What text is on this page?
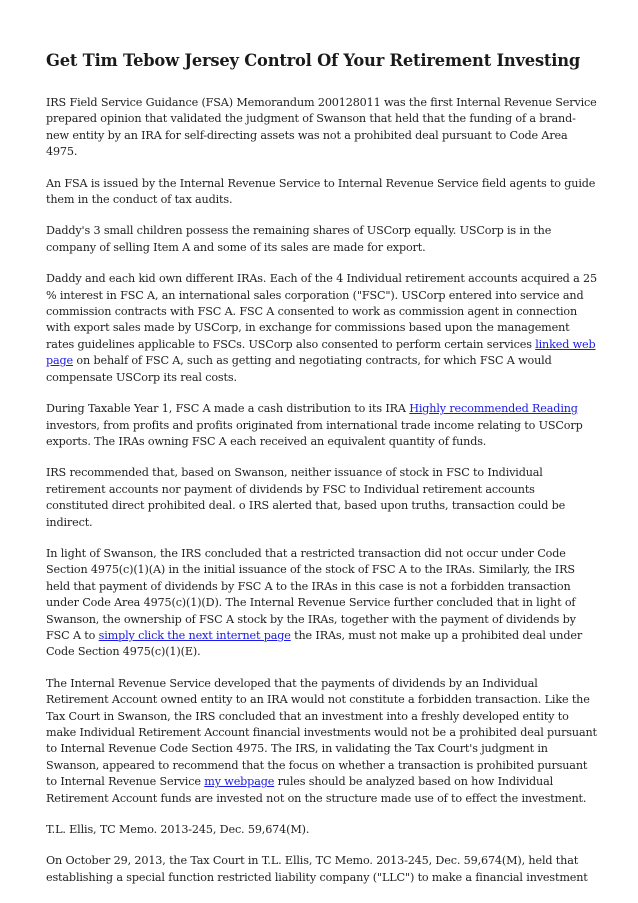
Get Tim Tebow Jersey Control Of Your Retirement Investing

IRS Field Service Guidance (FSA) Memorandum 200128011 was the first Internal Revenue Service prepared opinion that validated the judgment of Swanson that held that the funding of a brand-new entity by an IRA for self-directing assets was not a prohibited deal pursuant to Code Area 4975.

An FSA is issued by the Internal Revenue Service to Internal Revenue Service field agents to guide them in the conduct of tax audits.

Daddy's 3 small children possess the remaining shares of USCorp equally. USCorp is in the company of selling Item A and some of its sales are made for export.

Daddy and each kid own different IRAs. Each of the 4 Individual retirement accounts acquired a 25 % interest in FSC A, an international sales corporation ("FSC"). USCorp entered into service and commission contracts with FSC A. FSC A consented to work as commission agent in connection with export sales made by USCorp, in exchange for commissions based upon the management rates guidelines applicable to FSCs. USCorp also consented to perform certain services linked web page on behalf of FSC A, such as getting and negotiating contracts, for which FSC A would compensate USCorp its real costs.

During Taxable Year 1, FSC A made a cash distribution to its IRA Highly recommended Reading investors, from profits and profits originated from international trade income relating to USCorp exports. The IRAs owning FSC A each received an equivalent quantity of funds.

IRS recommended that, based on Swanson, neither issuance of stock in FSC to Individual retirement accounts nor payment of dividends by FSC to Individual retirement accounts constituted direct prohibited deal. o IRS alerted that, based upon truths, transaction could be indirect.

In light of Swanson, the IRS concluded that a restricted transaction did not occur under Code Section 4975(c)(1)(A) in the initial issuance of the stock of FSC A to the IRAs. Similarly, the IRS held that payment of dividends by FSC A to the IRAs in this case is not a forbidden transaction under Code Area 4975(c)(1)(D). The Internal Revenue Service further concluded that in light of Swanson, the ownership of FSC A stock by the IRAs, together with the payment of dividends by FSC A to simply click the next internet page the IRAs, must not make up a prohibited deal under Code Section 4975(c)(1)(E).

The Internal Revenue Service developed that the payments of dividends by an Individual Retirement Account owned entity to an IRA would not constitute a forbidden transaction. Like the Tax Court in Swanson, the IRS concluded that an investment into a freshly developed entity to make Individual Retirement Account financial investments would not be a prohibited deal pursuant to Internal Revenue Code Section 4975. The IRS, in validating the Tax Court's judgment in Swanson, appeared to recommend that the focus on whether a transaction is prohibited pursuant to Internal Revenue Service my webpage rules should be analyzed based on how Individual Retirement Account funds are invested not on the structure made use of to effect the investment.

T.L. Ellis, TC Memo. 2013-245, Dec. 59,674(M).

On October 29, 2013, the Tax Court in T.L. Ellis, TC Memo. 2013-245, Dec. 59,674(M), held that establishing a special function restricted liability company ("LLC") to make a financial investment
